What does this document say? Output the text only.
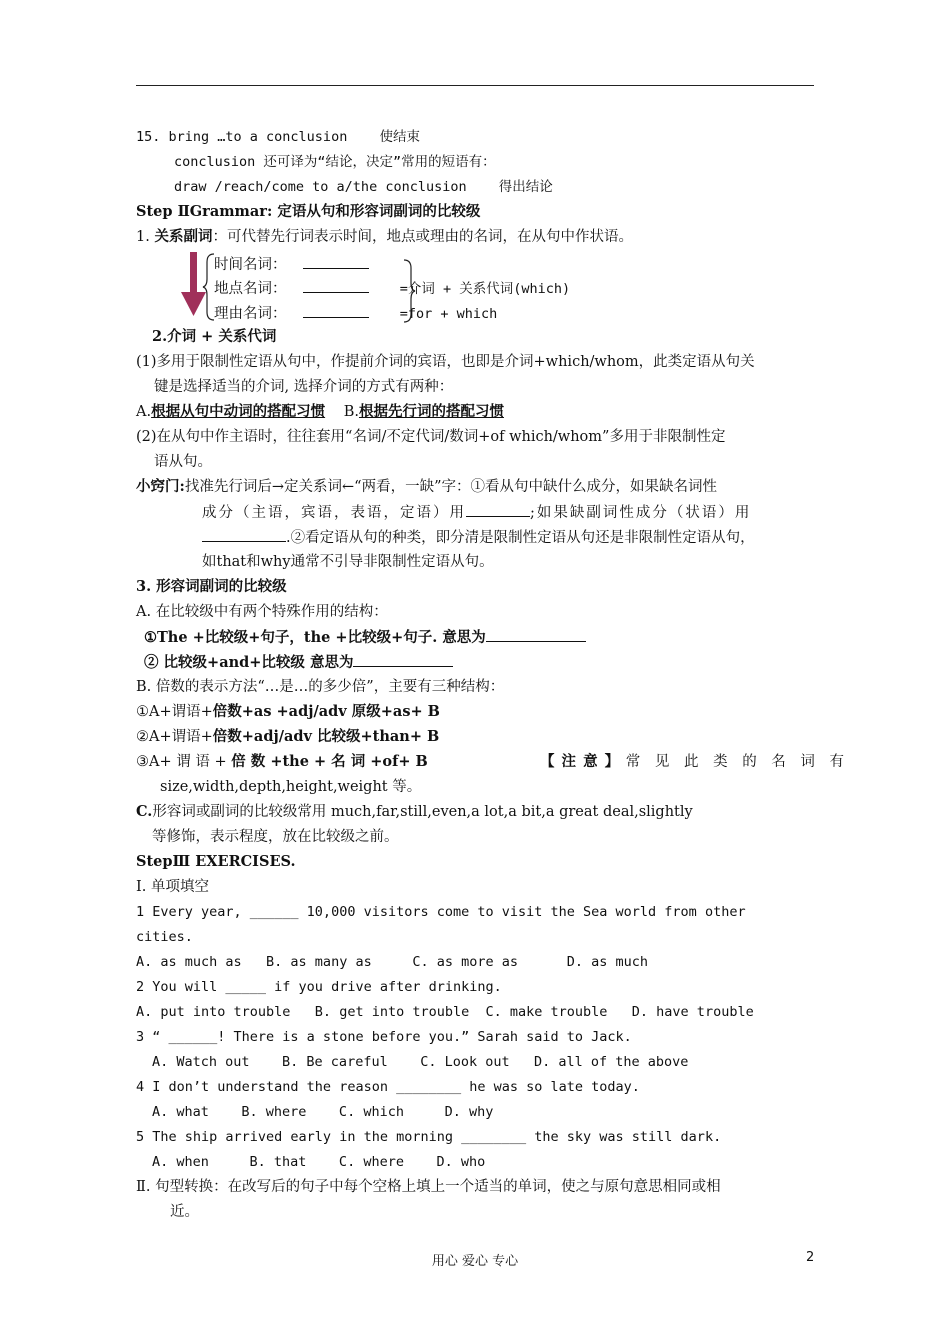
15. bring …to a conclusion 使结束
conclusion 还可译为“结论，决定”常用的短语有：
draw /reach/come to a/the conclusion 得出结论
Step ⅡGrammar: 定语从句和形容词副词的比较级
1. 关系副词：可代替先行词表示时间，地点或理由的名词，在从句中作状语。
时间名词：
地点名词：	=介词 + 关系代词(which)
理由名词：	=for + which
2.介词 + 关系代词
(1)多用于限制性定语从句中，作提前介词的宾语，也即是介词+which/whom，此类定语从句关
键是选择适当的介词, 选择介词的方式有两种：
A.根据从句中动词的搭配习惯 B.根据先行词的搭配习惯
(2)在从句中作主语时，往往套用“名词/不定代词/数词+of which/whom”多用于非限制性定
语从句。
小窍门:找准先行词后→定关系词←“两看，一缺”字：①看从句中缺什么成分，如果缺名词性
成分（主语，宾语，表语，定语）用	;如果缺副词性成分（状语）用
.②看定语从句的种类，即分清是限制性定语从句还是非限制性定语从句，
如that和why通常不引导非限制性定语从句。
3. 形容词副词的比较级
A. 在比较级中有两个特殊作用的结构：
①The +比较级+句子，the +比较级+句子. 意思为
② 比较级+and+比较级 意思为
B. 倍数的表示方法“…是…的多少倍”，主要有三种结构：
①A+谓语+倍数+as +adj/adv 原级+as+ B
②A+谓语+倍数+adj/adv 比较级+than+ B
③A+ 谓 语 + 倍 数 +the + 名 词 +of+ B	【 注 意 】 常 见 此 类 的 名 词 有
size,width,depth,height,weight 等。
C.形容词或副词的比较级常用 much,far,still,even,a lot,a bit,a great deal,slightly
等修饰，表示程度，放在比较级之前。
StepⅢ EXERCISES.
I. 单项填空
1 Every year, ______ 10,000 visitors come to visit the Sea world from other
cities.
A. as much as   B. as many as     C. as more as      D. as much
2 You will _____ if you drive after drinking.
A. put into trouble   B. get into trouble  C. make trouble   D. have trouble
3 “ ______! There is a stone before you.” Sarah said to Jack.
A. Watch out    B. Be careful    C. Look out   D. all of the above
4 I don’t understand the reason ________ he was so late today.
A. what    B. where    C. which     D. why
5 The ship arrived early in the morning ________ the sky was still dark.
A. when     B. that    C. where    D. who
Ⅱ. 句型转换：在改写后的句子中每个空格上填上一个适当的单词，使之与原句意思相同或相
近。
用心 爱心 专心	2
